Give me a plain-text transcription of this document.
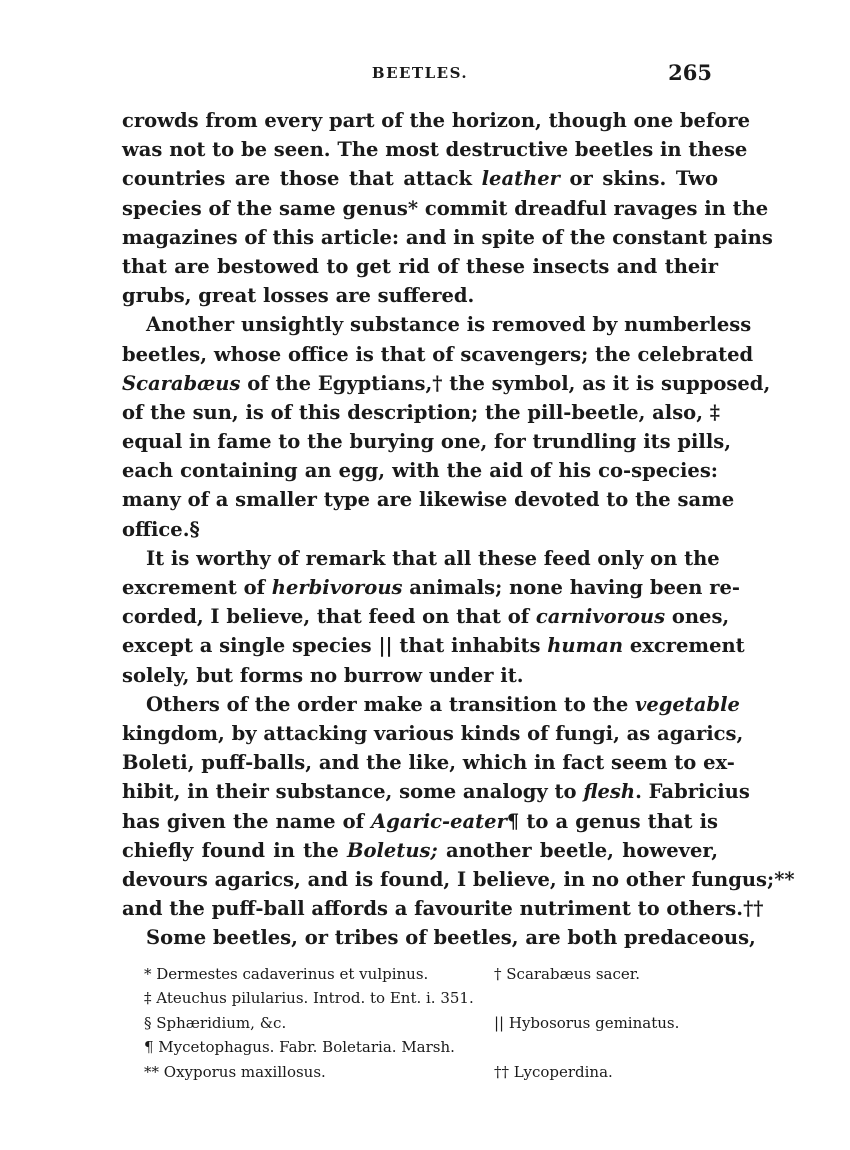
BEETLES.	265
crowds from every part of the horizon, though one before
was not to be seen. The most destructive beetles in these
countries are those that attack leather or skins. Two
species of the same genus* commit dreadful ravages in the
magazines of this article: and in spite of the constant pains
that are bestowed to get rid of these insects and their
grubs, great losses are suffered.
Another unsightly substance is removed by numberless
beetles, whose office is that of scavengers; the celebrated
Scarabæus of the Egyptians,† the symbol, as it is supposed,
of the sun, is of this description; the pill-beetle, also, ‡
equal in fame to the burying one, for trundling its pills,
each containing an egg, with the aid of his co-species:
many of a smaller type are likewise devoted to the same
office.§
It is worthy of remark that all these feed only on the
excrement of herbivorous animals; none having been re-
corded, I believe, that feed on that of carnivorous ones,
except a single species || that inhabits human excrement
solely, but forms no burrow under it.
Others of the order make a transition to the vegetable
kingdom, by attacking various kinds of fungi, as agarics,
Boleti, puff-balls, and the like, which in fact seem to ex-
hibit, in their substance, some analogy to flesh. Fabricius
has given the name of Agaric-eater¶ to a genus that is
chiefly found in the Boletus; another beetle, however,
devours agarics, and is found, I believe, in no other fungus;**
and the puff-ball affords a favourite nutriment to others.††
Some beetles, or tribes of beetles, are both predaceous,
* Dermestes cadaverinus et vulpinus.	† Scarabæus sacer.
‡ Ateuchus pilularius. Introd. to Ent. i. 351.
§ Sphæridium, &c.	|| Hybosorus geminatus.
¶ Mycetophagus. Fabr. Boletaria. Marsh.
** Oxyporus maxillosus.	†† Lycoperdina.
